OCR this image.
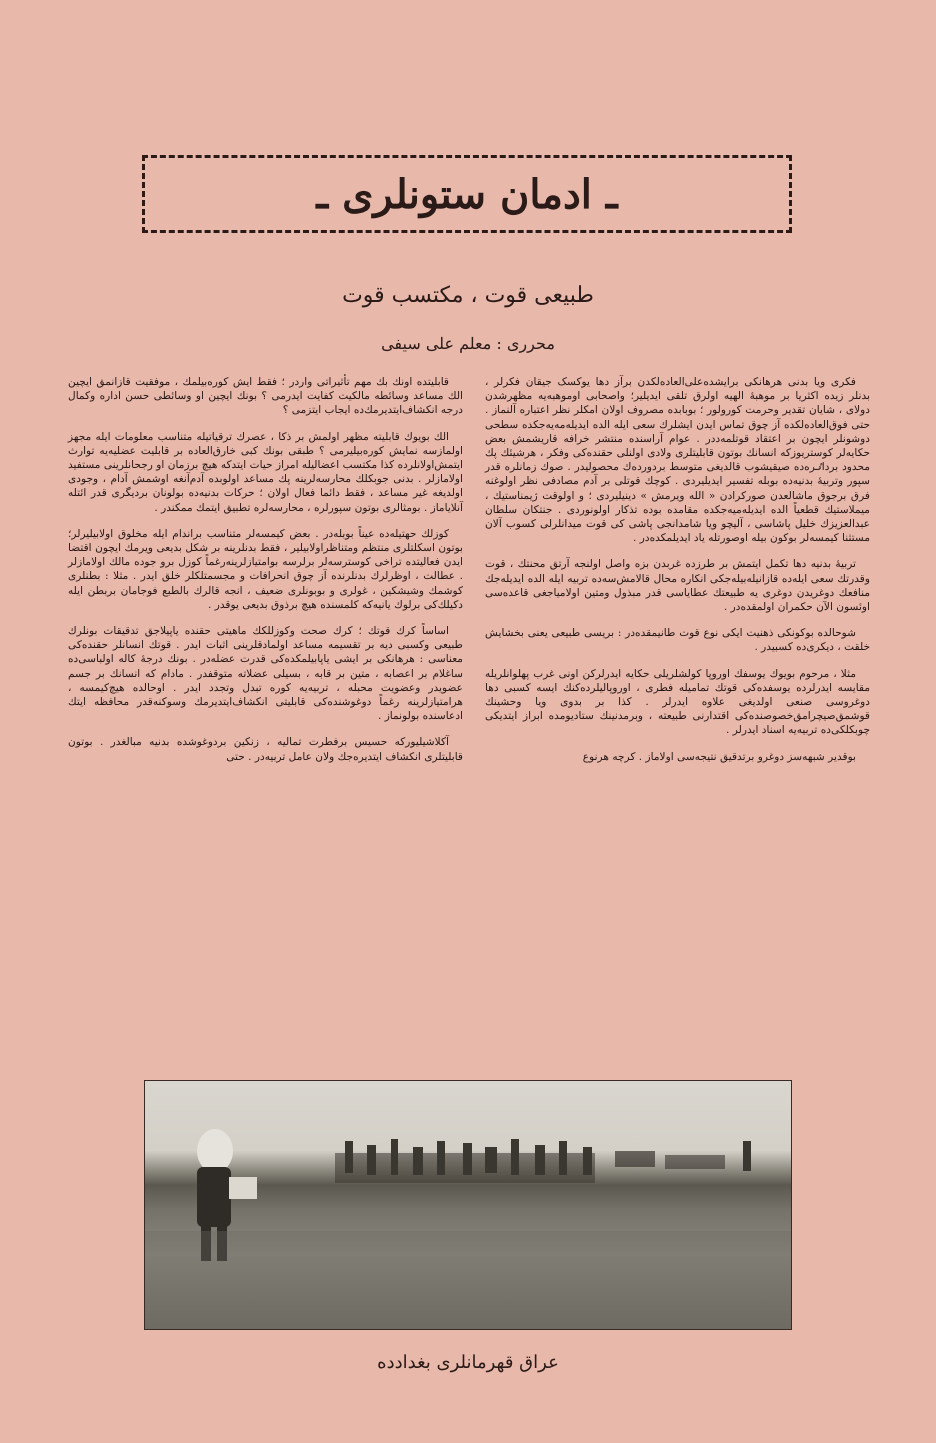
ـ ادمان ستونلری ـ
طبیعی قوت ، مکتسب قوت
محرری : معلم علی سیفی

فکری ویا بدنی هرهانکی برایشده‌علی‌العاده‌لکدن برآز دها یوکسک جیقان فکرلر ، بدنلر زیده اکثریا بر موهبهٔ الهیه اولرق تلقی ایدیلیر؛ واصحابی اوموهبه‌یه مظهرشدن دولای ، شایان تقدیر وحرمت کورولور ؛ بوبابده مصروف اولان امکلر نظر اعتباره آلنماز . حتی فوق‌العاده‌لکده آز چوق تماس ایدن ایشلرك سعی ایله الده ایدیله‌مه‌یه‌جکده سطحی دوشونلر ایچون بر اعتقاد قوتلمه‌ددر . عوام آراسنده منتشر خرافه قاریشمش بعض حکایه‌لر کوستریوزکه انسانك بوتون قابلیتلری ولادی اولنلی حقنده‌کی وفکر ، هرشیئك پك محدود برداٸره‌ده صیقیشوب قالدیغی متوسط بردورده‌ك محصولیدر . صوك زمانلره قدر سپور وتربیهٔ بدنیه‌ده بوبله تفسیر ایدیلیردی . کوچك قوتلی بر آدم مصادفی نظر اولوغنه فرق برجوق ماشالعدن صورکرادن « الله ویرمش » دینیلیردی ؛ و اولوقت ژیمناستیك ، میملاستیك قطعیاً الده ایدیله‌میه‌جکده مقامده بوده تذکار اولونوردی . جنتکان سلطان عبدالعزیزك خلیل پاشاسی ، آلیچو ویا شامدانجی پاشی کی قوت میدانلرلی کسوب آلان مستثنا کیمسه‌لر بوکون بیله اوصورتله یاد ایدیلمکده‌در .

تربیهٔ بدنیه دها تکمل ایتمش بر طرزده غربدن بزه واصل اولنجه آرتق محنتك ، قوت وقدرتك سعی ایله‌ده قازانیله‌بیله‌جکی انکاره محال قالامش‌سه‌ده تربیه ایله الده ایدیله‌جك منافعك دوغریدن دوغری یه طبیعتك عطایاسی قدر مبذول ومتین اولامیاجغی قاعده‌سی اوئسون الآن حکمران اولمقده‌در .

شوحالده بوکونکی ذهنیت ایکی نوع قوت طانیمقده‌در : بریسی طبیعی یعنی بخشایش خلقت ، دیکری‌ده کسبیدر .

مثلا ، مرحوم بویوك یوسفك اوروپا کولشلریلی حکایه ایدرلرکن اونی غرب پهلوانلریله مقایسه ایدرلرده یوسفده‌کی قوتك تمامیله فطری ، اوروپالیلرده‌کنك ایسه کسبی دها دوغروسی صنعی اولدیغی علاوه ایدرلر . کذا بر بدوی ویا وحشینك قوشمق‌صیچرامق‌خصوصنده‌کی اقتدارنی طبیعته ، وبرمدنینك ستادیومده ابراز ایتدیکی چوبکلکی‌ده تربیه‌یه اسناد ایدرلر .

بوقدیر شبهه‌سز دوغرو برتدقیق نتیجه‌سی اولاماز . کرچه هرنوع

قابلیتده اونك بك مهم تأثیراتی واردر ؛ فقط ایش کوره‌بیلمك ، موفقیت قازانمق ایچین الك مساعد وسائطه مالکیت کفایت ایدرمی ؟ بونك ایچین او وسائطی حسن اداره وکمال درجه انکشاف‌ایتدیرمك‌ده ایجاب ایتزمی ؟

الك بویوك قابلیته مظهر اولمش بر ذکا ، عصرك ترقیاتیله متناسب معلومات ایله مجهز اولمازسه نمایش کوره‌بیلیرمی ؟ طبقی بونك کبی خارق‌العاده بر قابلیت عضلیه‌یه توارث ایتمش‌اولانلرده کذا مکتسب اعضالیله امراز حیات ایتدکه هیچ برزمان او رجحانلرینی مستفید اولامازلر . بدنی جوبکلك محارسه‌لرینه پك مساعد اولوبده آدم‌آنغه اوشمش آدام ، وجودی اولدیغه غیر مساعد ، فقط دائما فعال اولان ؛ حرکات بدنیه‌ده بولونان بردیگری قدر ائتله آنلایاماز . بومثالری بوتون سپورلره ، محارسه‌لره تطبیق ایتمك ممکندر .

کوزلك حهتیله‌ده عیناً بوبله‌در . بعض کیمسه‌لر متناسب براندام ایله مخلوق اولابیلیرلر؛ بوتون اسکلتلری منتظم ومتناظراولابیلیر ، فقط بدنلرینه بر شکل بدیعی ویرمك ایچون اقتضا ایدن فعالیتده تراخی کوسترسه‌لر برلرسه بوامتیازلرینه‌رغماً کوزل برو جوده مالك اولامازلر . عطالت ، اوظرلرك بدنلرنده آز چوق انحرافات و مجسمتلکلر خلق ایدر . مثلا : بطنلری کوشمك وشیشکین ، غولرى و بوبونلری ضعیف ، انجه قالرك بالطبع فوجامان بربطن ایله دکیلك‌کی برلوك یانیه‌که کلمسنده هیچ برذوق بدیعی یوقدر .

اساساً کرك قوتك ؛ کرك صحت وکوزللکك ماهیتی حقنده یاپیلاجق تدقیقات بونلرك طبیعی وکسبی دیه بر تقسیمه مساعد اولمادقلرینی اثبات ایدر . قوتك انسانلر حقنده‌کی معناسی : هرهانکی بر ایشی یاپابیلمکده‌کی قدرت عضله‌در . بونك درجهٔ کاله اولباسی‌ده ساغلام بر اعصابه ، متین بر قابه ، بسیلی عضلاته متوقفدر . مادام که انسانك بر جسم عضویدر وعضویت محبله ، تربیه‌یه کوره تبدل وتجدد ایدر . اوحالده هیچ‌کیمسه ، هرامتیازلرینه رغماً دوغوشنده‌کی قابلیتی انکشاف‌ایتدیرمك وسوکنه‌قدر محافظه ایتك ادعاسنده بولونماز .

آکلاشیلیورکه حسیس برفطرت تمالیه ، زنکین بردوغوشده بدنیه مبالغدر . بوتون قابلیتلری انکشاف ایتدیره‌جك ولان عامل تربیه‌در . حتی

عراق قهرمانلری بغدادده
